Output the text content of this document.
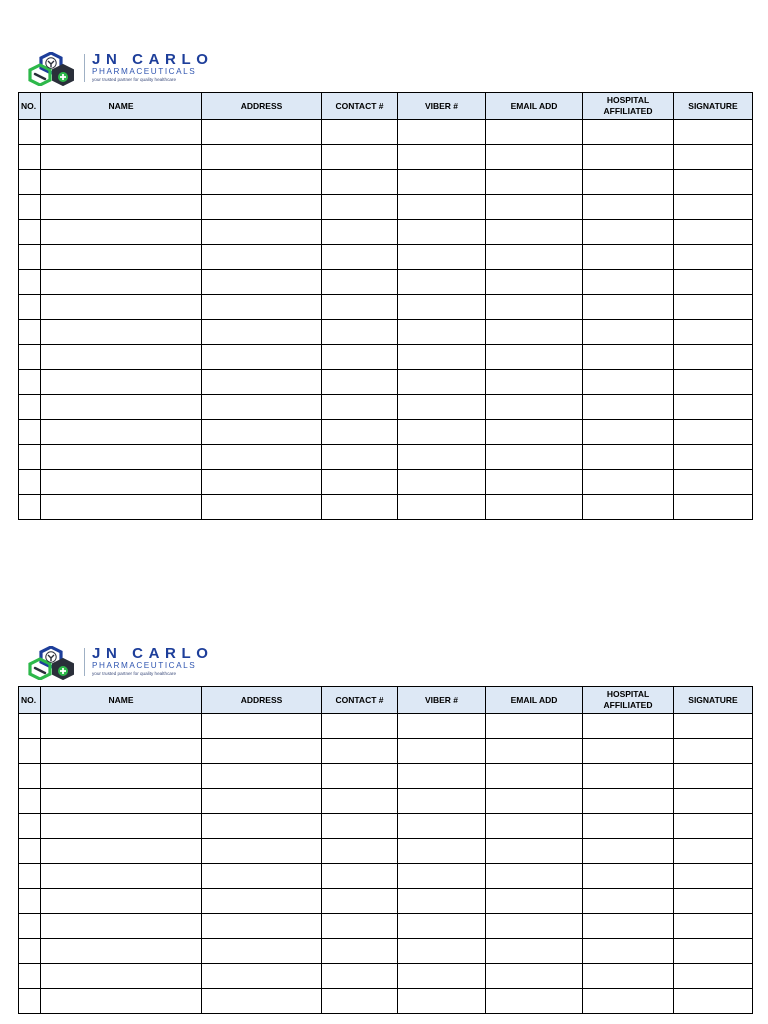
JN CARLO
PHARMACEUTICALS
your trusted partner for quality healthcare
NO.	NAME	ADDRESS	CONTACT #	VIBER #	EMAIL ADD	HOSPITAL AFFILIATED	SIGNATURE

JN CARLO
PHARMACEUTICALS
your trusted partner for quality healthcare
NO.	NAME	ADDRESS	CONTACT #	VIBER #	EMAIL ADD	HOSPITAL AFFILIATED	SIGNATURE
